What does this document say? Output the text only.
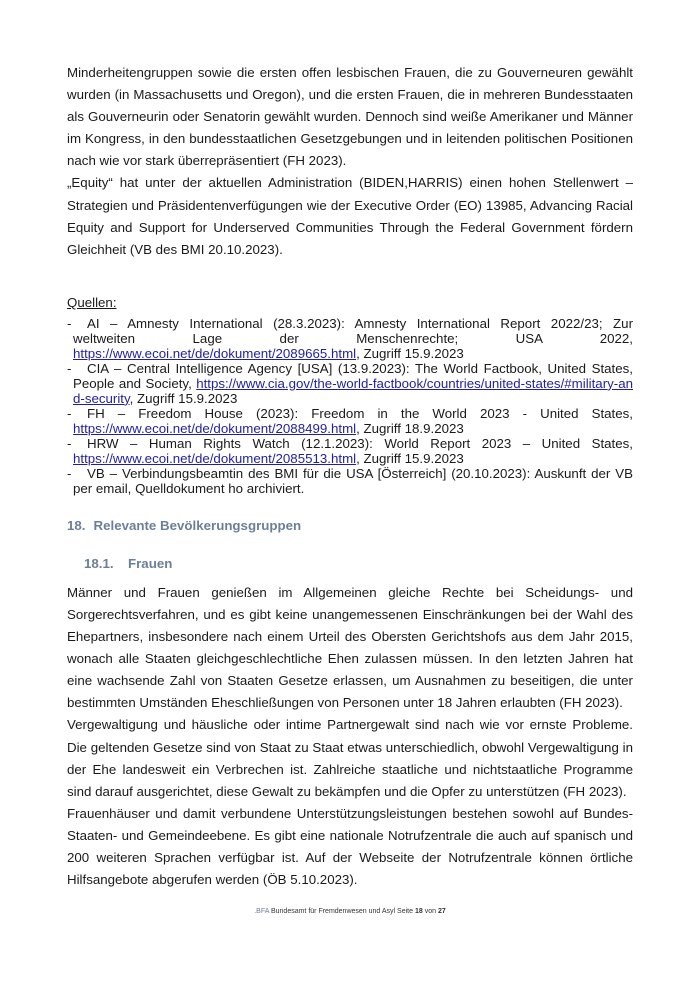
Minderheitengruppen sowie die ersten offen lesbischen Frauen, die zu Gouverneuren gewählt wurden (in Massachusetts und Oregon), und die ersten Frauen, die in mehreren Bundesstaaten als Gouverneurin oder Senatorin gewählt wurden. Dennoch sind weiße Amerikaner und Männer im Kongress, in den bundesstaatlichen Gesetzgebungen und in leitenden politischen Positionen nach wie vor stark überrepräsentiert (FH 2023).

„Equity“ hat unter der aktuellen Administration (BIDEN,HARRIS) einen hohen Stellenwert – Strategien und Präsidentenverfügungen wie der Executive Order (EO) 13985, Advancing Racial Equity and Support for Underserved Communities Through the Federal Government fördern Gleichheit (VB des BMI 20.10.2023).

Quellen:
-	AI – Amnesty International (28.3.2023): Amnesty International Report 2022/23; Zur weltweiten Lage der Menschenrechte; USA 2022, https://www.ecoi.net/de/dokument/2089665.html, Zugriff 15.9.2023
-	CIA – Central Intelligence Agency [USA] (13.9.2023): The World Factbook, United States, People and Society, https://www.cia.gov/the-world-factbook/countries/united-states/#military-and-security, Zugriff 15.9.2023
-	FH – Freedom House (2023): Freedom in the World 2023 - United States, https://www.ecoi.net/de/dokument/2088499.html, Zugriff 18.9.2023
-	HRW – Human Rights Watch (12.1.2023): World Report 2023 – United States, https://www.ecoi.net/de/dokument/2085513.html, Zugriff 15.9.2023
-	VB – Verbindungsbeamtin des BMI für die USA [Österreich] (20.10.2023): Auskunft der VB per email, Quelldokument ho archiviert.
18. Relevante Bevölkerungsgruppen
18.1. Frauen

Männer und Frauen genießen im Allgemeinen gleiche Rechte bei Scheidungs- und Sorgerechtsverfahren, und es gibt keine unangemessenen Einschränkungen bei der Wahl des Ehepartners, insbesondere nach einem Urteil des Obersten Gerichtshofs aus dem Jahr 2015, wonach alle Staaten gleichgeschlechtliche Ehen zulassen müssen. In den letzten Jahren hat eine wachsende Zahl von Staaten Gesetze erlassen, um Ausnahmen zu beseitigen, die unter bestimmten Umständen Eheschließungen von Personen unter 18 Jahren erlaubten (FH 2023).

Vergewaltigung und häusliche oder intime Partnergewalt sind nach wie vor ernste Probleme. Die geltenden Gesetze sind von Staat zu Staat etwas unterschiedlich, obwohl Vergewaltigung in der Ehe landesweit ein Verbrechen ist. Zahlreiche staatliche und nichtstaatliche Programme sind darauf ausgerichtet, diese Gewalt zu bekämpfen und die Opfer zu unterstützen (FH 2023).

Frauenhäuser und damit verbundene Unterstützungsleistungen bestehen sowohl auf Bundes-Staaten- und Gemeindeebene. Es gibt eine nationale Notrufzentrale die auch auf spanisch und 200 weiteren Sprachen verfügbar ist. Auf der Webseite der Notrufzentrale können örtliche Hilfsangebote abgerufen werden (ÖB 5.10.2023).

.BFA Bundesamt für Fremdenwesen und Asyl Seite 18 von 27
